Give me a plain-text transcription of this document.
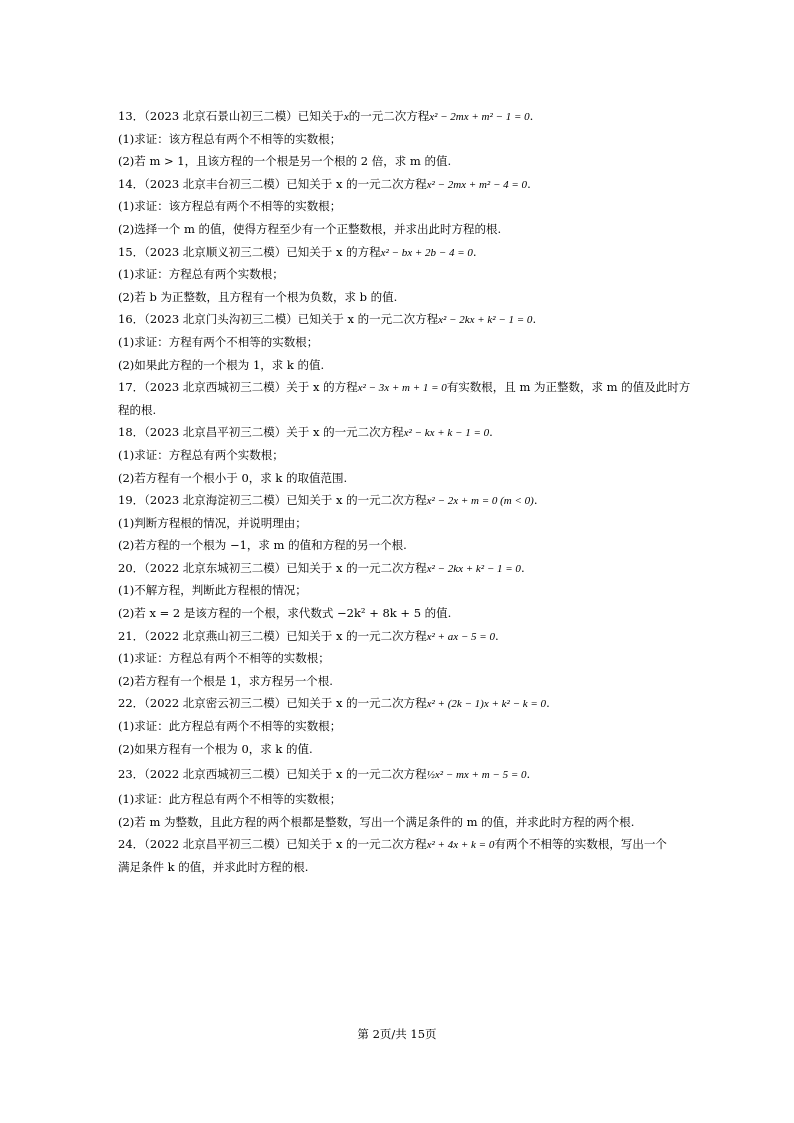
13．（2023 北京石景山初三二模）已知关于x的一元二次方程x² − 2mx + m² − 1 = 0.
(1)求证：该方程总有两个不相等的实数根；
(2)若 m > 1，且该方程的一个根是另一个根的 2 倍，求 m 的值.
14．（2023 北京丰台初三二模）已知关于 x 的一元二次方程x² − 2mx + m² − 4 = 0.
(1)求证：该方程总有两个不相等的实数根；
(2)选择一个 m 的值，使得方程至少有一个正整数根，并求出此时方程的根.
15．（2023 北京顺义初三二模）已知关于 x 的方程x² − bx + 2b − 4 = 0.
(1)求证：方程总有两个实数根；
(2)若 b 为正整数，且方程有一个根为负数，求 b 的值.
16．（2023 北京门头沟初三二模）已知关于 x 的一元二次方程x² − 2kx + k² − 1 = 0.
(1)求证：方程有两个不相等的实数根；
(2)如果此方程的一个根为 1，求 k 的值.
17．（2023 北京西城初三二模）关于 x 的方程x² − 3x + m + 1 = 0有实数根，且 m 为正整数，求 m 的值及此时方
程的根.
18．（2023 北京昌平初三二模）关于 x 的一元二次方程x² − kx + k − 1 = 0.
(1)求证：方程总有两个实数根；
(2)若方程有一个根小于 0，求 k 的取值范围.
19．（2023 北京海淀初三二模）已知关于 x 的一元二次方程x² − 2x + m = 0 (m < 0).
(1)判断方程根的情况，并说明理由；
(2)若方程的一个根为 −1，求 m 的值和方程的另一个根.
20．（2022 北京东城初三二模）已知关于 x 的一元二次方程x² − 2kx + k² − 1 = 0.
(1)不解方程，判断此方程根的情况；
(2)若 x = 2 是该方程的一个根，求代数式 −2k² + 8k + 5 的值.
21．（2022 北京燕山初三二模）已知关于 x 的一元二次方程x² + ax − 5 = 0.
(1)求证：方程总有两个不相等的实数根；
(2)若方程有一个根是 1，求方程另一个根.
22．（2022 北京密云初三二模）已知关于 x 的一元二次方程x² + (2k − 1)x + k² − k = 0.
(1)求证：此方程总有两个不相等的实数根；
(2)如果方程有一个根为 0，求 k 的值.
23．（2022 北京西城初三二模）已知关于 x 的一元二次方程½x² − mx + m − 5 = 0.
(1)求证：此方程总有两个不相等的实数根；
(2)若 m 为整数，且此方程的两个根都是整数，写出一个满足条件的 m 的值，并求此时方程的两个根.
24．（2022 北京昌平初三二模）已知关于 x 的一元二次方程x² + 4x + k = 0有两个不相等的实数根，写出一个
满足条件 k 的值，并求此时方程的根.
第 2页/共 15页
